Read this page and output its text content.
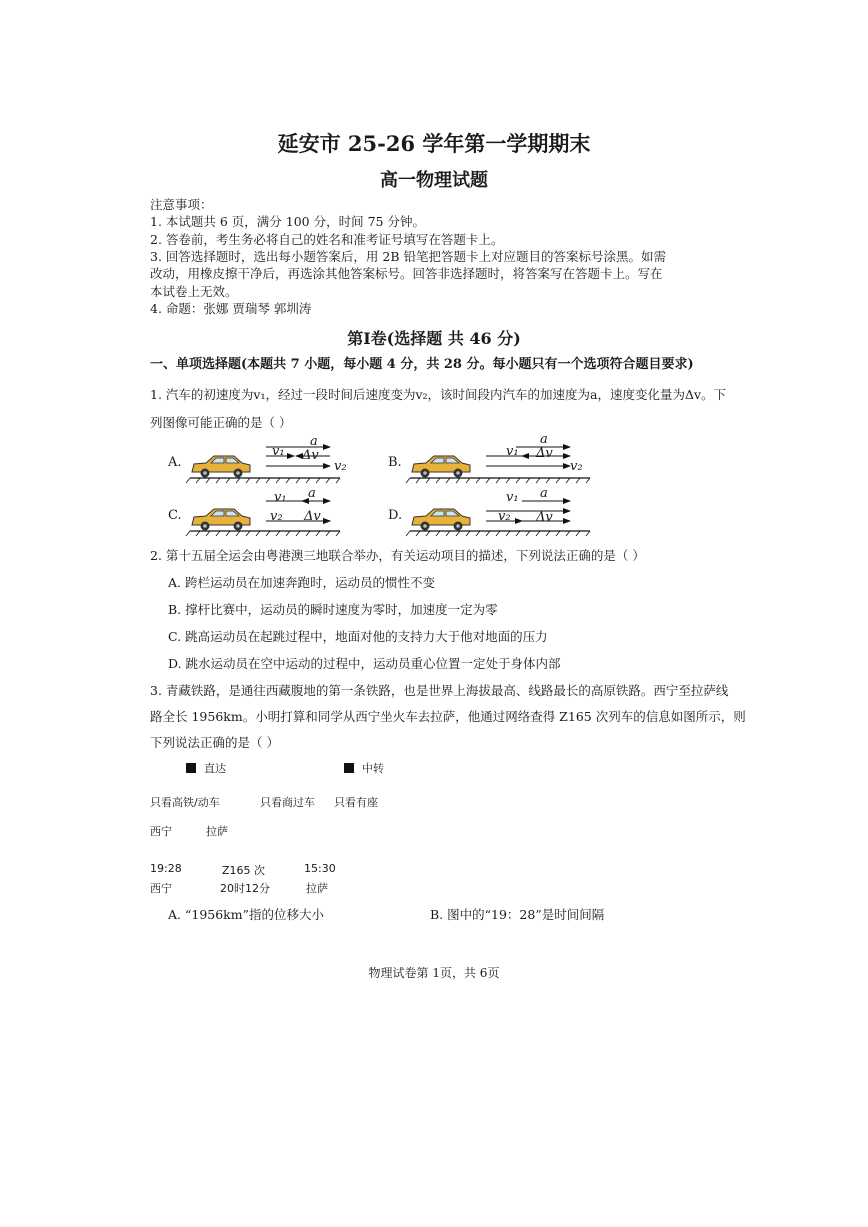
延安市 25-26 学年第一学期期末
高一物理试题
注意事项：
1. 本试题共 6 页，满分 100 分，时间 75 分钟。
2. 答卷前，考生务必将自己的姓名和准考证号填写在答题卡上。
3. 回答选择题时，选出每小题答案后，用 2B 铅笔把答题卡上对应题目的答案标号涂黑。如需
改动，用橡皮擦干净后，再选涂其他答案标号。回答非选择题时，将答案写在答题卡上。写在
本试卷上无效。
4. 命题：张娜 贾瑞琴 郭圳涛
第Ⅰ卷(选择题 共 46 分)
一、单项选择题(本题共 7 小题，每小题 4 分，共 28 分。每小题只有一个选项符合题目要求)
1. 汽车的初速度为v₁，经过一段时间后速度变为v₂，该时间段内汽车的加速度为a，速度变化量为Δv。下
列图像可能正确的是（ ）
A.	B.
C.	D.
a
v₁ Δv
v₂
a
v₁ Δv
v₂
v₁ a
v₂ Δv
v₁ a
v₂ Δv
2. 第十五届全运会由粤港澳三地联合举办，有关运动项目的描述，下列说法正确的是（ ）
A. 跨栏运动员在加速奔跑时，运动员的惯性不变
B. 撑杆比赛中，运动员的瞬时速度为零时，加速度一定为零
C. 跳高运动员在起跳过程中，地面对他的支持力大于他对地面的压力
D. 跳水运动员在空中运动的过程中，运动员重心位置一定处于身体内部
3. 青藏铁路，是通往西藏腹地的第一条铁路，也是世界上海拔最高、线路最长的高原铁路。西宁至拉萨线
路全长 1956km。小明打算和同学从西宁坐火车去拉萨，他通过网络查得 Z165 次列车的信息如图所示，则
下列说法正确的是（ ）
直达	中转
只看高铁/动车	只看商过车 只看有座
西宁	拉萨
19:28	Z165 次	15:30
西宁	20时12分	拉萨
A. “1956km”指的位移大小	B. 图中的“19：28”是时间间隔
物理试卷第 1页，共 6页
